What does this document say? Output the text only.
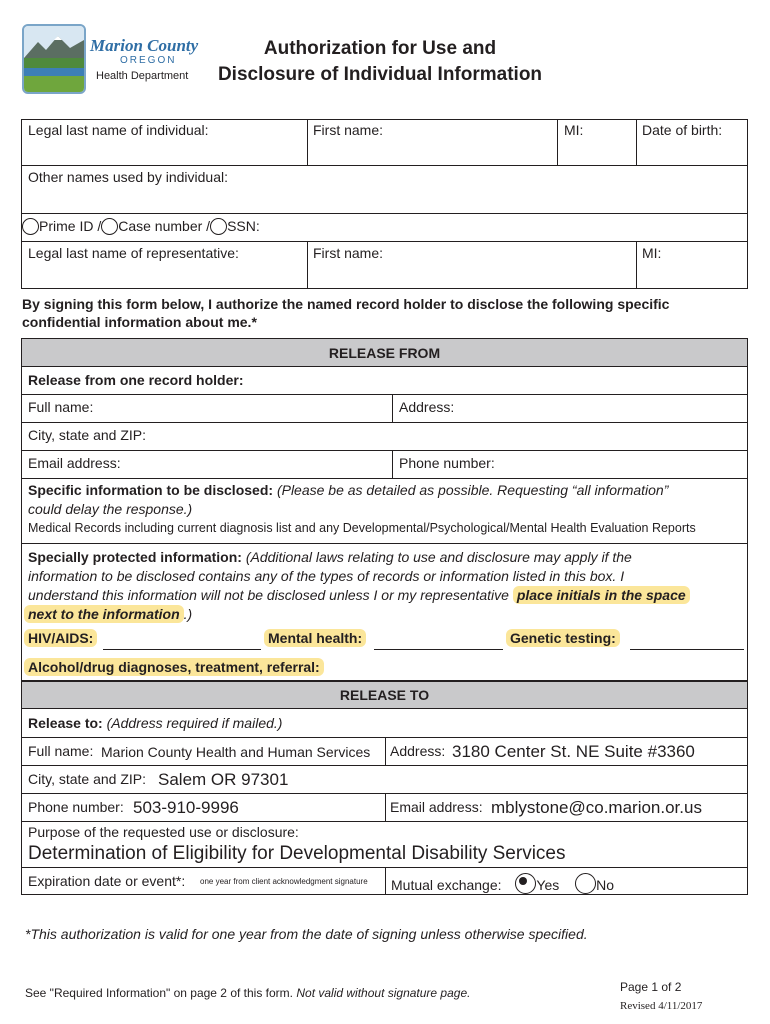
Marion County
OREGON
Health Department
Authorization for Use and
Disclosure of Individual Information
Legal last name of individual:	First name:	MI:	Date of birth:
Other names used by individual:
Prime ID / Case number / SSN:
Legal last name of representative:	First name:	MI:
By signing this form below, I authorize the named record holder to disclose the following specific
confidential information about me.*
RELEASE FROM
Release from one record holder:
Full name:	Address:
City, state and ZIP:
Email address:	Phone number:
Specific information to be disclosed: (Please be as detailed as possible. Requesting “all information”
could delay the response.)
Medical Records including current diagnosis list and any Developmental/Psychological/Mental Health Evaluation Reports
Specially protected information: (Additional laws relating to use and disclosure may apply if the
information to be disclosed contains any of the types of records or information listed in this box. I
understand this information will not be disclosed unless I or my representative place initials in the space
next to the information .)
HIV/AIDS:	Mental health:	Genetic testing:
Alcohol/drug diagnoses, treatment, referral:
RELEASE TO
Release to: (Address required if mailed.)
Full name: Marion County Health and Human Services Address: 3180 Center St. NE Suite #3360
City, state and ZIP: Salem OR 97301
Phone number: 503-910-9996	Email address: mblystone@co.marion.or.us
Purpose of the requested use or disclosure:
Determination of Eligibility for Developmental Disability Services
Expiration date or event*: one year from client acknowledgment signature Mutual exchange: Yes	No
*This authorization is valid for one year from the date of signing unless otherwise specified.
See "Required Information" on page 2 of this form. Not valid without signature page.	Page 1 of 2
Revised 4/11/2017
